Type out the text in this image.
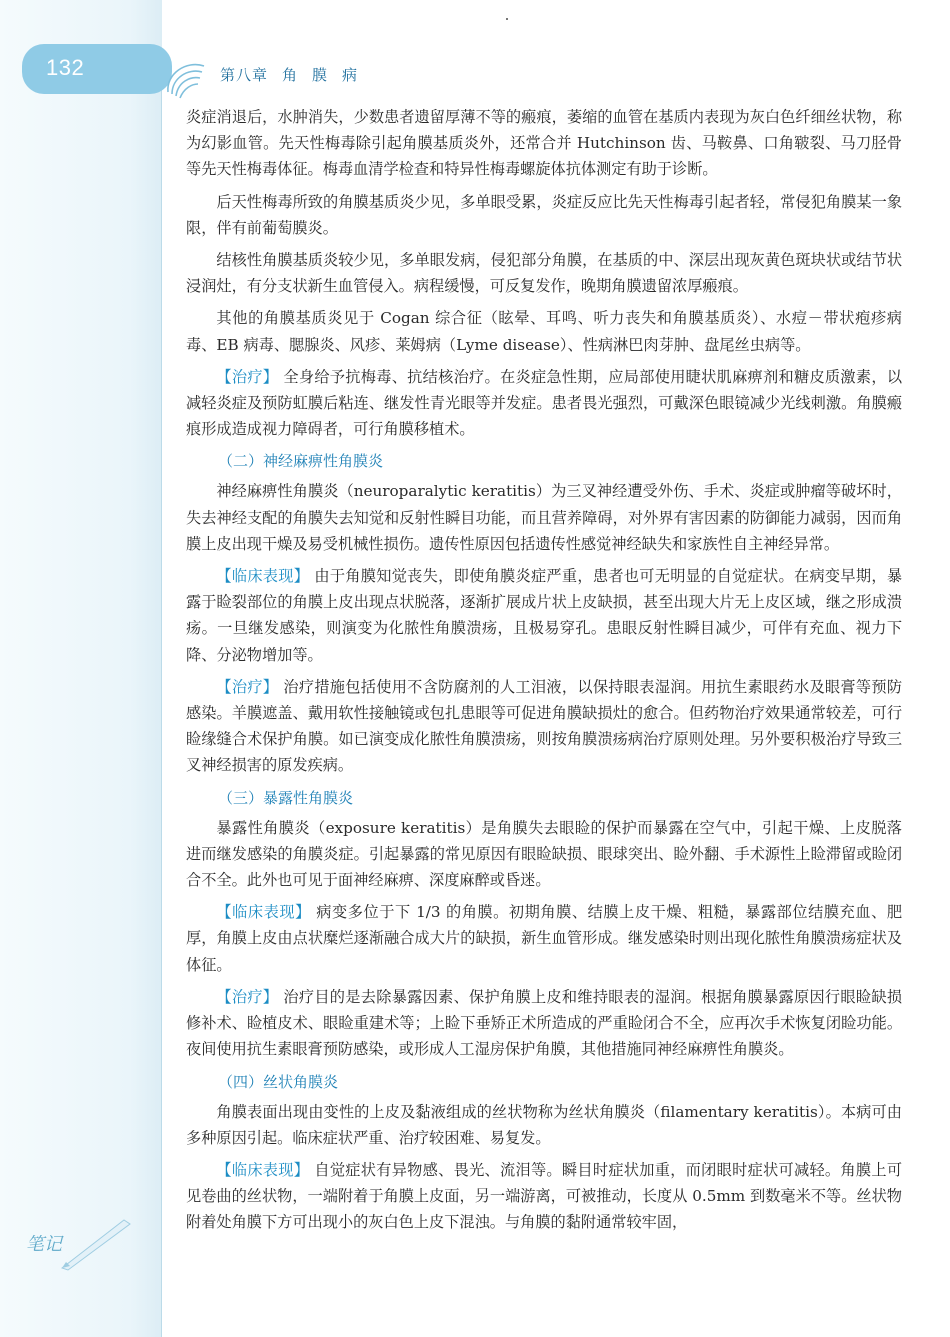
132	第八章 角 膜 病

炎症消退后，水肿消失，少数患者遗留厚薄不等的瘢痕，萎缩的血管在基质内表现为灰白色纤细丝状物，称为幻影血管。先天性梅毒除引起角膜基质炎外，还常合并 Hutchinson 齿、马鞍鼻、口角皲裂、马刀胫骨等先天性梅毒体征。梅毒血清学检查和特异性梅毒螺旋体抗体测定有助于诊断。

后天性梅毒所致的角膜基质炎少见，多单眼受累，炎症反应比先天性梅毒引起者轻，常侵犯角膜某一象限，伴有前葡萄膜炎。

结核性角膜基质炎较少见，多单眼发病，侵犯部分角膜，在基质的中、深层出现灰黄色斑块状或结节状浸润灶，有分支状新生血管侵入。病程缓慢，可反复发作，晚期角膜遗留浓厚瘢痕。

其他的角膜基质炎见于 Cogan 综合征（眩晕、耳鸣、听力丧失和角膜基质炎）、水痘－带状疱疹病毒、EB 病毒、腮腺炎、风疹、莱姆病（Lyme disease）、性病淋巴肉芽肿、盘尾丝虫病等。

【治疗】 全身给予抗梅毒、抗结核治疗。在炎症急性期，应局部使用睫状肌麻痹剂和糖皮质激素，以减轻炎症及预防虹膜后粘连、继发性青光眼等并发症。患者畏光强烈，可戴深色眼镜减少光线刺激。角膜瘢痕形成造成视力障碍者，可行角膜移植术。

（二）神经麻痹性角膜炎

神经麻痹性角膜炎（neuroparalytic keratitis）为三叉神经遭受外伤、手术、炎症或肿瘤等破坏时，失去神经支配的角膜失去知觉和反射性瞬目功能，而且营养障碍，对外界有害因素的防御能力减弱，因而角膜上皮出现干燥及易受机械性损伤。遗传性原因包括遗传性感觉神经缺失和家族性自主神经异常。

【临床表现】 由于角膜知觉丧失，即使角膜炎症严重，患者也可无明显的自觉症状。在病变早期，暴露于睑裂部位的角膜上皮出现点状脱落，逐渐扩展成片状上皮缺损，甚至出现大片无上皮区域，继之形成溃疡。一旦继发感染，则演变为化脓性角膜溃疡，且极易穿孔。患眼反射性瞬目减少，可伴有充血、视力下降、分泌物增加等。

【治疗】 治疗措施包括使用不含防腐剂的人工泪液，以保持眼表湿润。用抗生素眼药水及眼膏等预防感染。羊膜遮盖、戴用软性接触镜或包扎患眼等可促进角膜缺损灶的愈合。但药物治疗效果通常较差，可行睑缘缝合术保护角膜。如已演变成化脓性角膜溃疡，则按角膜溃疡病治疗原则处理。另外要积极治疗导致三叉神经损害的原发疾病。

（三）暴露性角膜炎

暴露性角膜炎（exposure keratitis）是角膜失去眼睑的保护而暴露在空气中，引起干燥、上皮脱落进而继发感染的角膜炎症。引起暴露的常见原因有眼睑缺损、眼球突出、睑外翻、手术源性上睑滞留或睑闭合不全。此外也可见于面神经麻痹、深度麻醉或昏迷。

【临床表现】 病变多位于下 1/3 的角膜。初期角膜、结膜上皮干燥、粗糙，暴露部位结膜充血、肥厚，角膜上皮由点状糜烂逐渐融合成大片的缺损，新生血管形成。继发感染时则出现化脓性角膜溃疡症状及体征。

【治疗】 治疗目的是去除暴露因素、保护角膜上皮和维持眼表的湿润。根据角膜暴露原因行眼睑缺损修补术、睑植皮术、眼睑重建术等；上睑下垂矫正术所造成的严重睑闭合不全，应再次手术恢复闭睑功能。夜间使用抗生素眼膏预防感染，或形成人工湿房保护角膜，其他措施同神经麻痹性角膜炎。

（四）丝状角膜炎

角膜表面出现由变性的上皮及黏液组成的丝状物称为丝状角膜炎（filamentary keratitis）。本病可由多种原因引起。临床症状严重、治疗较困难、易复发。

【临床表现】 自觉症状有异物感、畏光、流泪等。瞬目时症状加重，而闭眼时症状可减轻。角膜上可见卷曲的丝状物，一端附着于角膜上皮面，另一端游离，可被推动，长度从 0.5mm 到数毫米不等。丝状物附着处角膜下方可出现小的灰白色上皮下混浊。与角膜的黏附通常较牢固，

笔记
